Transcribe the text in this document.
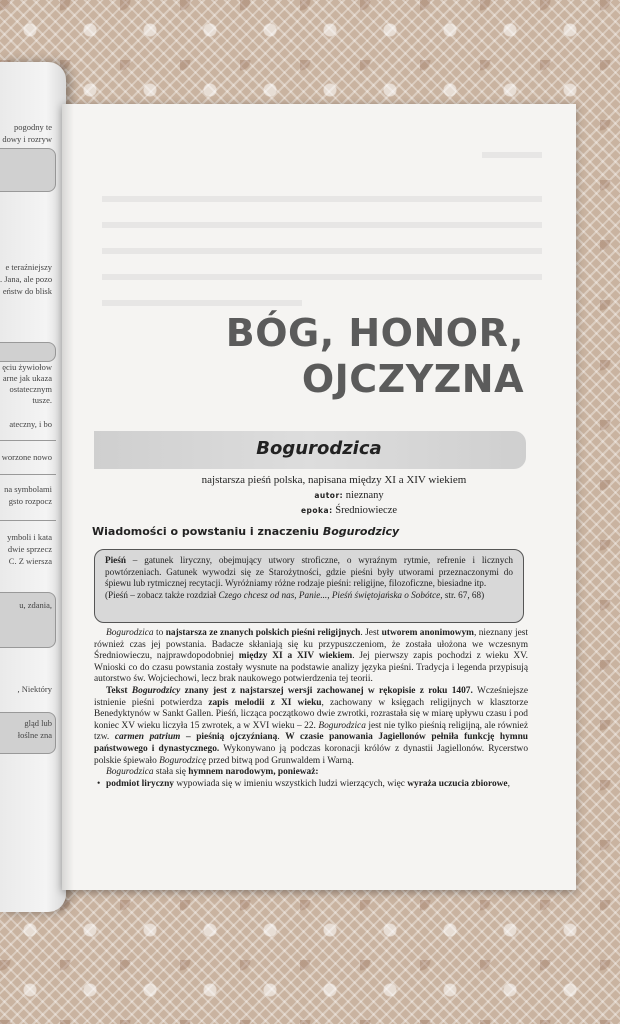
pogodny te
dowy i rozryw
e teraźniejszy
. Jana, ale pozo
eństw do blisk
ęciu żywiołow
arne jak ukaza
ostatecznym
tusze.
ateczny, i bo
worzone nowo
na symbolami
gsto rozpocz
ymboli i kata
dwie sprzecz
C. Z wiersza
u, zdania,
, Niektóry
gląd lub
łoślne zna
BÓG, HONOR,
OJCZYZNA
Bogurodzica
najstarsza pieśń polska, napisana między XI a XIV wiekiem
autor: nieznany
epoka: Średniowiecze
Wiadomości o powstaniu i znaczeniu Bogurodzicy
Pieśń – gatunek liryczny, obejmujący utwory stroficzne, o wyraźnym rytmie, refrenie i licznych powtórzeniach. Gatunek wywodzi się ze Starożytności, gdzie pieśni były utworami przeznaczonymi do śpiewu lub rytmicznej recytacji. Wyróżniamy różne rodzaje pieśni: religijne, filozoficzne, biesiadne itp.
(Pieśń – zobacz także rozdział Czego chcesz od nas, Panie..., Pieśń świętojańska o Sobótce, str. 67, 68)

Bogurodzica to najstarsza ze znanych polskich pieśni religijnych. Jest utworem anonimowym, nieznany jest również czas jej powstania. Badacze skłaniają się ku przypuszczeniom, że została ułożona we wczesnym Średniowieczu, najprawdopodobniej między XI a XIV wiekiem. Jej pierwszy zapis pochodzi z wieku XV. Wnioski co do czasu powstania zostały wysnute na podstawie analizy języka pieśni. Tradycja i legenda przypisują autorstwo św. Wojciechowi, lecz brak naukowego potwierdzenia tej teorii.

Tekst Bogurodzicy znany jest z najstarszej wersji zachowanej w rękopisie z roku 1407. Wcześniejsze istnienie pieśni potwierdza zapis melodii z XI wieku, zachowany w księgach religijnych w klasztorze Benedyktynów w Sankt Gallen. Pieśń, licząca początkowo dwie zwrotki, rozrastała się w miarę upływu czasu i pod koniec XV wieku liczyła 15 zwrotek, a w XVI wieku – 22. Bogurodzica jest nie tylko pieśnią religijną, ale również tzw. carmen patrium – pieśnią ojczyźnianą. W czasie panowania Jagiellonów pełniła funkcję hymnu państwowego i dynastycznego. Wykonywano ją podczas koronacji królów z dynastii Jagiellonów. Rycerstwo polskie śpiewało Bogurodzicę przed bitwą pod Grunwaldem i Warną.

Bogurodzica stała się hymnem narodowym, ponieważ:

• podmiot liryczny wypowiada się w imieniu wszystkich ludzi wierzących, więc wyraża uczucia zbiorowe,
